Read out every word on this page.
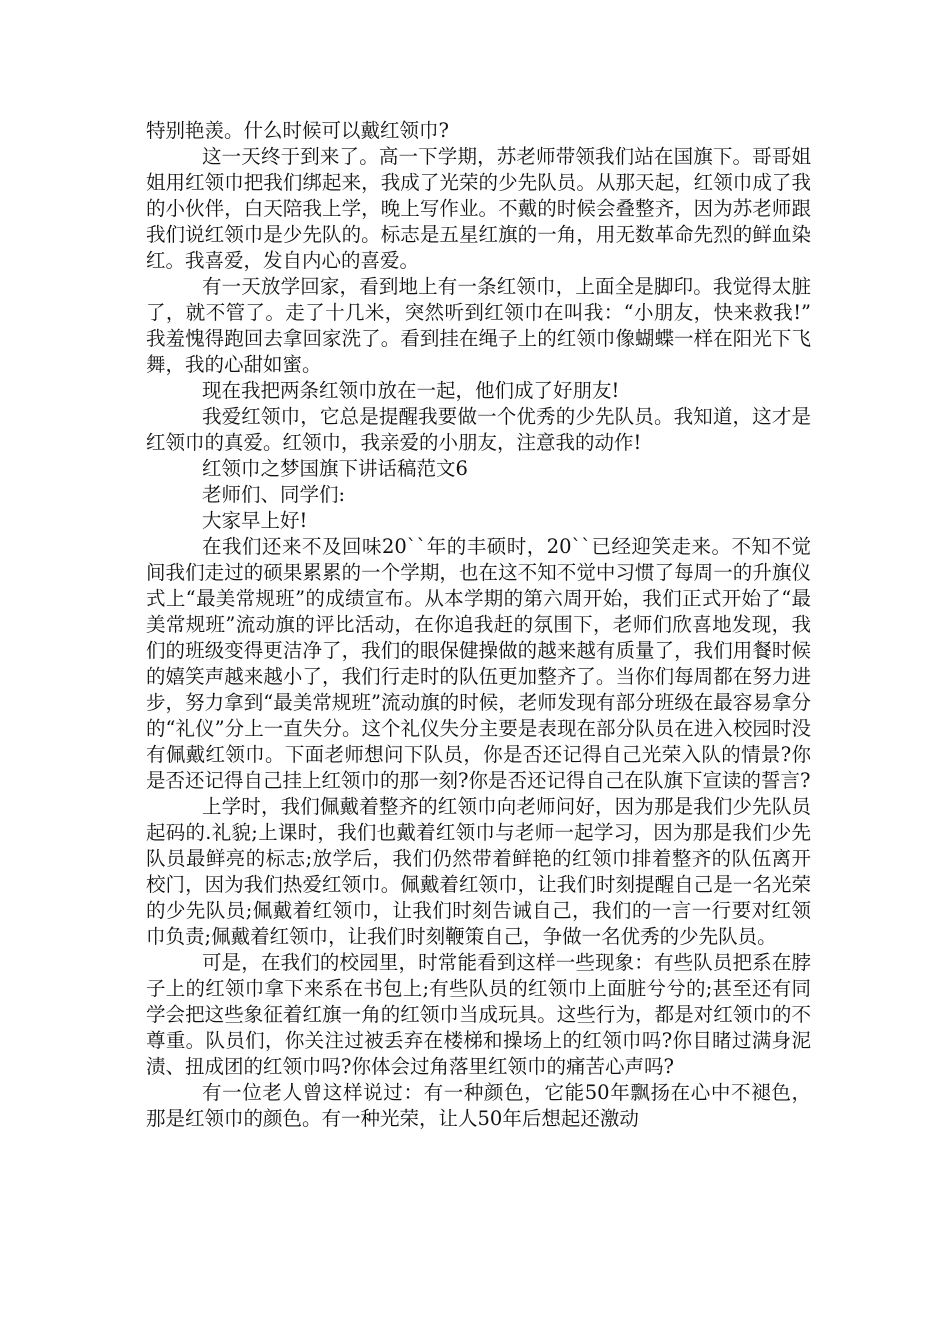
特别艳羡。什么时候可以戴红领巾?

这一天终于到来了。高一下学期，苏老师带领我们站在国旗下。哥哥姐姐用红领巾把我们绑起来，我成了光荣的少先队员。从那天起，红领巾成了我的小伙伴，白天陪我上学，晚上写作业。不戴的时候会叠整齐，因为苏老师跟我们说红领巾是少先队的。标志是五星红旗的一角，用无数革命先烈的鲜血染红。我喜爱，发自内心的喜爱。

有一天放学回家，看到地上有一条红领巾，上面全是脚印。我觉得太脏了，就不管了。走了十几米，突然听到红领巾在叫我：“小朋友，快来救我!”我羞愧得跑回去拿回家洗了。看到挂在绳子上的红领巾像蝴蝶一样在阳光下飞舞，我的心甜如蜜。

现在我把两条红领巾放在一起，他们成了好朋友!

我爱红领巾，它总是提醒我要做一个优秀的少先队员。我知道，这才是红领巾的真爱。红领巾，我亲爱的小朋友，注意我的动作!

红领巾之梦国旗下讲话稿范文6

老师们、同学们:

大家早上好!

在我们还来不及回味20``年的丰硕时，20``已经迎笑走来。不知不觉间我们走过的硕果累累的一个学期，也在这不知不觉中习惯了每周一的升旗仪式上“最美常规班”的成绩宣布。从本学期的第六周开始，我们正式开始了“最美常规班”流动旗的评比活动，在你追我赶的氛围下，老师们欣喜地发现，我们的班级变得更洁净了，我们的眼保健操做的越来越有质量了，我们用餐时候的嬉笑声越来越小了，我们行走时的队伍更加整齐了。当你们每周都在努力进步，努力拿到“最美常规班”流动旗的时候，老师发现有部分班级在最容易拿分的“礼仪”分上一直失分。这个礼仪失分主要是表现在部分队员在进入校园时没有佩戴红领巾。下面老师想问下队员，你是否还记得自己光荣入队的情景?你是否还记得自己挂上红领巾的那一刻?你是否还记得自己在队旗下宣读的誓言?

上学时，我们佩戴着整齐的红领巾向老师问好，因为那是我们少先队员起码的.礼貌;上课时，我们也戴着红领巾与老师一起学习，因为那是我们少先队员最鲜亮的标志;放学后，我们仍然带着鲜艳的红领巾排着整齐的队伍离开校门，因为我们热爱红领巾。佩戴着红领巾，让我们时刻提醒自己是一名光荣的少先队员;佩戴着红领巾，让我们时刻告诫自己，我们的一言一行要对红领巾负责;佩戴着红领巾，让我们时刻鞭策自己，争做一名优秀的少先队员。

可是，在我们的校园里，时常能看到这样一些现象：有些队员把系在脖子上的红领巾拿下来系在书包上;有些队员的红领巾上面脏兮兮的;甚至还有同学会把这些象征着红旗一角的红领巾当成玩具。这些行为，都是对红领巾的不尊重。队员们，你关注过被丢弃在楼梯和操场上的红领巾吗?你目睹过满身泥渍、扭成团的红领巾吗?你体会过角落里红领巾的痛苦心声吗?

有一位老人曾这样说过：有一种颜色，它能50年飘扬在心中不褪色，那是红领巾的颜色。有一种光荣，让人50年后想起还激动
